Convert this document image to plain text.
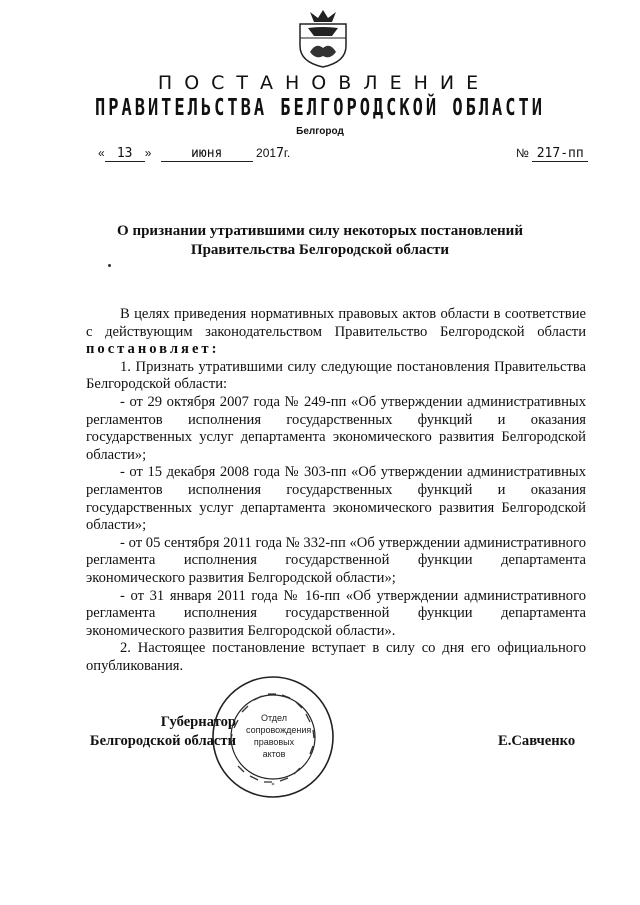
ПОСТАНОВЛЕНИЕ
ПРАВИТЕЛЬСТВА БЕЛГОРОДСКОЙ ОБЛАСТИ
Белгород
« 13 »	июня	2017г.	№ 217-пп
О признании утратившими силу некоторых постановлений Правительства Белгородской области

В целях приведения нормативных правовых актов области в соответствие с действующим законодательством Правительство Белгородской области постановляет:

1. Признать утратившими силу следующие постановления Правительства Белгородской области:

- от 29 октября 2007 года № 249-пп «Об утверждении административных регламентов исполнения государственных функций и оказания государственных услуг департамента экономического развития Белгородской области»;

- от 15 декабря 2008 года № 303-пп «Об утверждении административных регламентов исполнения государственных функций и оказания государственных услуг департамента экономического развития Белгородской области»;

- от 05 сентября 2011 года № 332-пп «Об утверждении административного регламента исполнения государственной функции департамента экономического развития Белгородской области»;

- от 31 января 2011 года № 16-пп «Об утверждении административного регламента исполнения государственной функции департамента экономического развития Белгородской области».

2. Настоящее постановление вступает в силу со дня его официального опубликования.

Губернатор
Белгородской области
*
Отдел
сопровождения
правовых
актов
Е.Савченко
